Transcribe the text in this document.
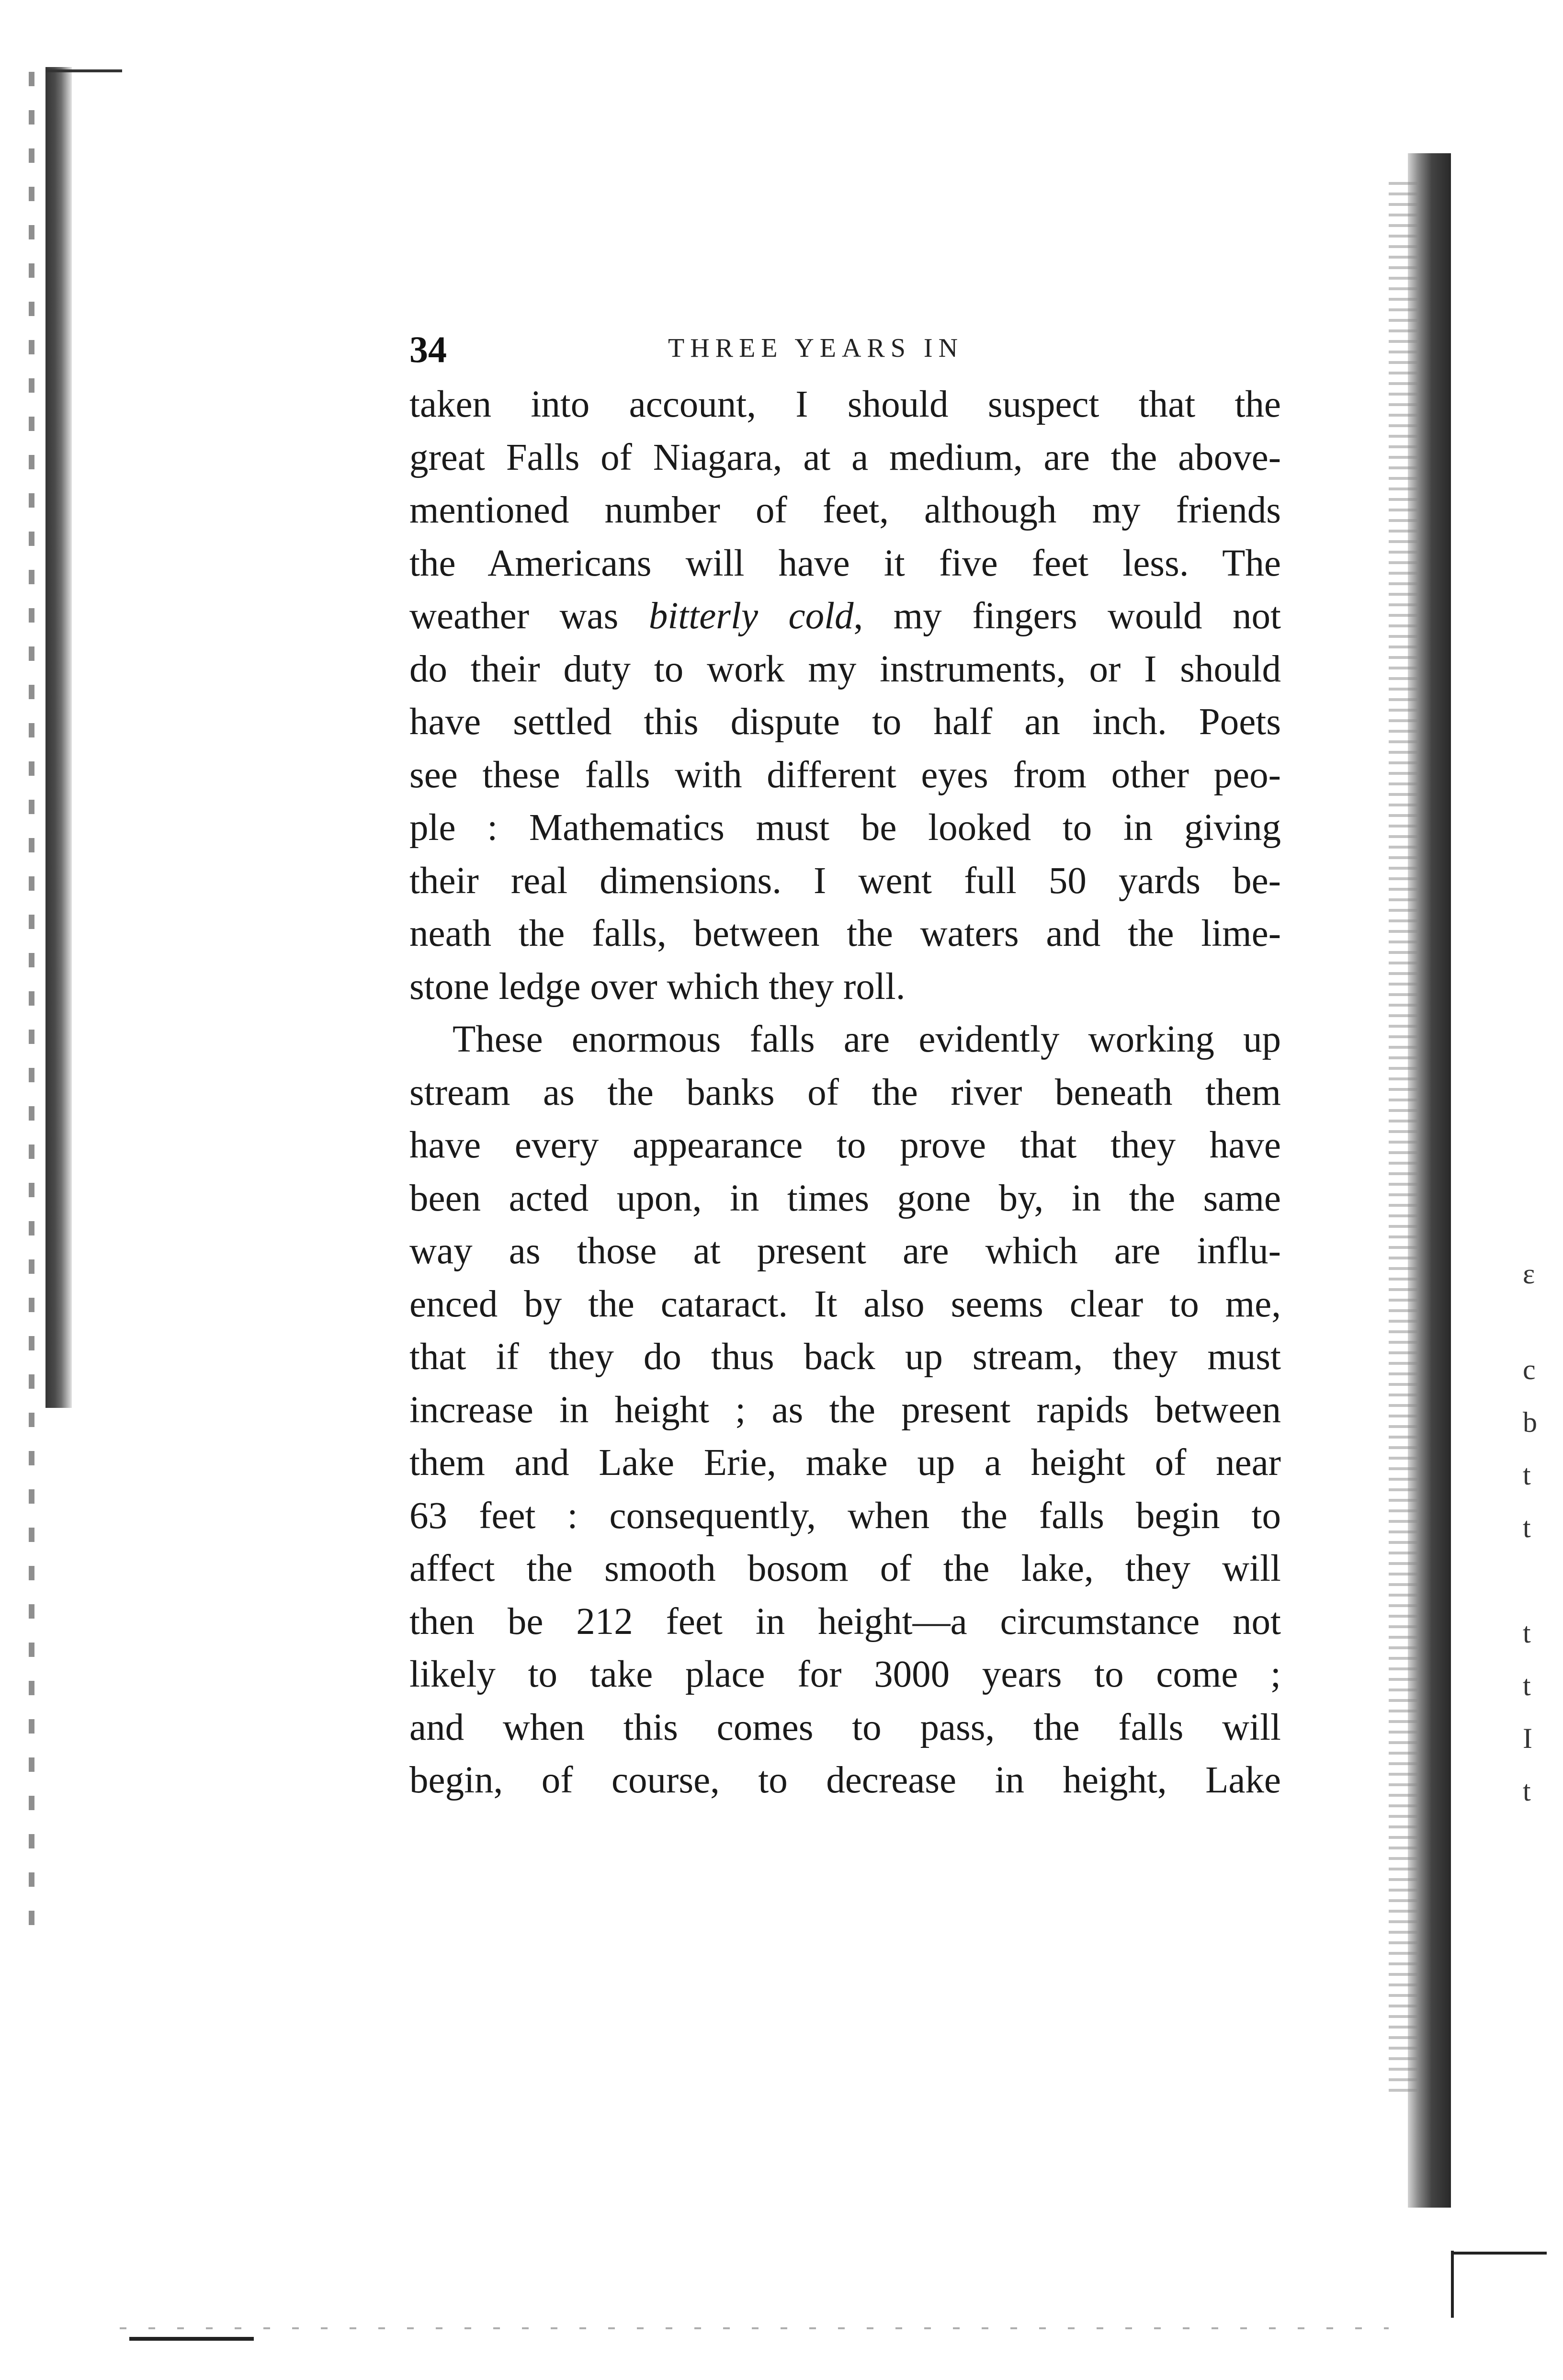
34	THREE YEARS IN
taken into account, I should suspect that the
great Falls of Niagara, at a medium, are the above-
mentioned number of feet, although my friends
the Americans will have it five feet less. The
weather was bitterly cold, my fingers would not
do their duty to work my instruments, or I should
have settled this dispute to half an inch. Poets
see these falls with different eyes from other peo-
ple : Mathematics must be looked to in giving
their real dimensions. I went full 50 yards be-
neath the falls, between the waters and the lime-
stone ledge over which they roll.
These enormous falls are evidently working up
stream as the banks of the river beneath them
have every appearance to prove that they have
been acted upon, in times gone by, in the same
way as those at present are which are influ-
enced by the cataract. It also seems clear to me,
that if they do thus back up stream, they must
increase in height ; as the present rapids between
them and Lake Erie, make up a height of near
63 feet : consequently, when the falls begin to
affect the smooth bosom of the lake, they will
then be 212 feet in height—a circumstance not
likely to take place for 3000 years to come ;
and when this comes to pass, the falls will
begin, of course, to decrease in height, Lake
ɛ
c
b
t
t
t
t
I
t
